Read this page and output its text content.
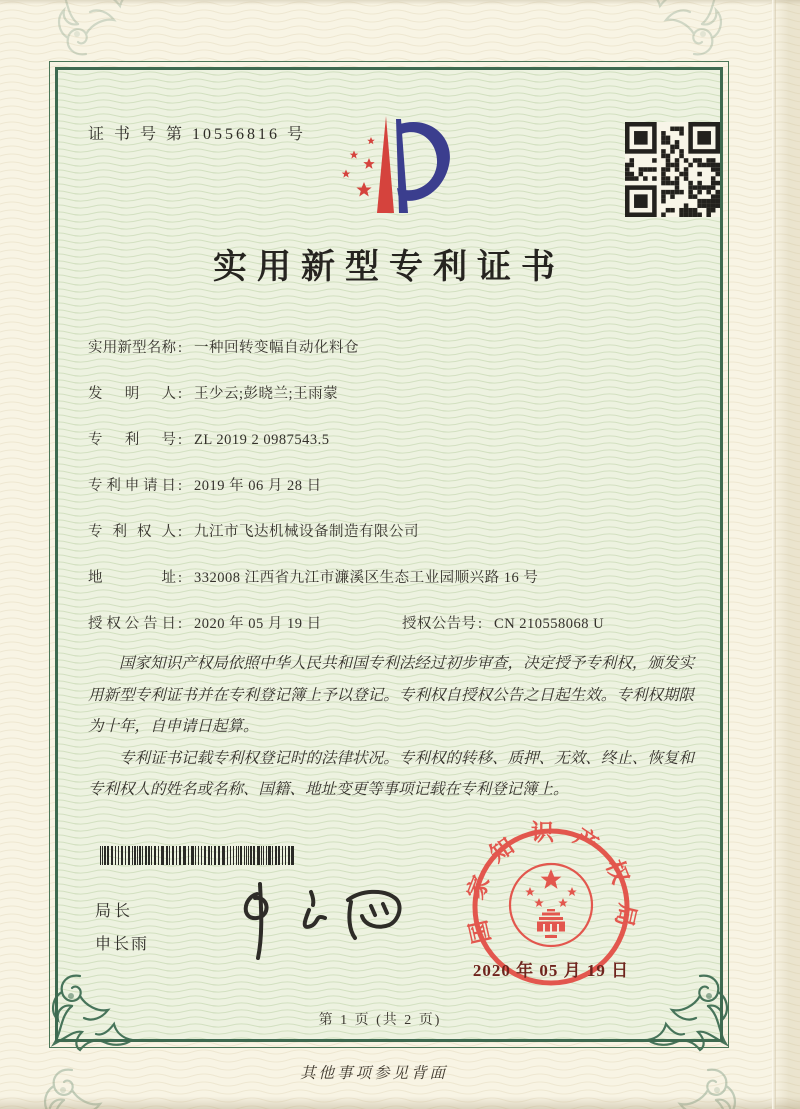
证 书 号 第 10556816 号
实用新型专利证书
实用新型名称 : 一种回转变幅自动化料仓
发明人 : 王少云;彭晓兰;王雨蒙
专利号 : ZL 2019 2 0987543.5
专利申请日 : 2019 年 06 月 28 日
专利权人 : 九江市飞达机械设备制造有限公司
地址 : 332008 江西省九江市濂溪区生态工业园顺兴路 16 号
授权公告日 : 2020 年 05 月 19 日	授权公告号 : CN 210558068 U

国家知识产权局依照中华人民共和国专利法经过初步审查，决定授予专利权，颁发实用新型专利证书并在专利登记簿上予以登记。专利权自授权公告之日起生效。专利权期限为十年，自申请日起算。

专利证书记载专利权登记时的法律状况。专利权的转移、质押、无效、终止、恢复和专利权人的姓名或名称、国籍、地址变更等事项记载在专利登记簿上。

局长
申长雨	国家知识产权局
2020 年 05 月 19 日
第 1 页 (共 2 页)
其他事项参见背面
